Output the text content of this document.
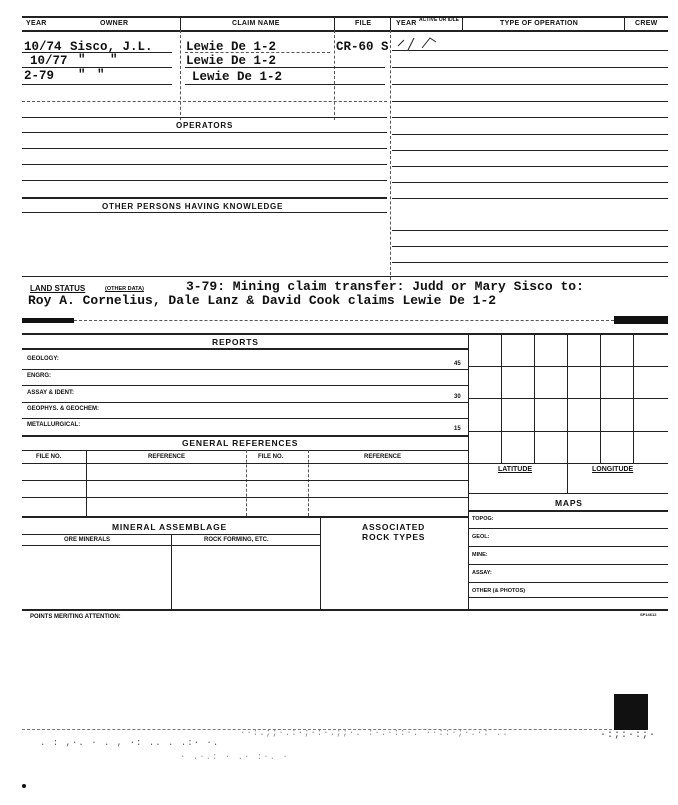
YEAR	OWNER	CLAIM NAME	FILE	YEAR ACTIVE OR IDLE	TYPE OF OPERATION	CREW
10/74 Sisco, J.L.	Lewie De 1-2	CR-60 S
10/77 " "	Lewie De 1-2
2-79 " "	Lewie De 1-2
OPERATORS
OTHER PERSONS HAVING KNOWLEDGE
LAND STATUS	(OTHER DATA)	3-79: Mining claim transfer: Judd or Mary Sisco to:
Roy A. Cornelius, Dale Lanz & David Cook claims Lewie De 1-2
REPORTS
GEOLOGY:
45
ENGRG:
ASSAY & IDENT:
30
GEOPHYS. & GEOCHEM:
METALLURGICAL:
15
GENERAL REFERENCES
FILE NO.	REFERENCE	FILE NO.	REFERENCE
MINERAL ASSEMBLAGE	ASSOCIATED
ROCK TYPES
ORE MINERALS	ROCK FORMING, ETC.
LATITUDE	LONGITUDE
MAPS
TOPOG:
GEOL:
MINE:
ASSAY:
OTHER (& PHOTOS)
POINTS MERITING ATTENTION:	SP14612
. : ,·. · . , ·: .. . .:· ·.
··:.;;·.:·;·:·.;;·. :·.·::·. ··::·;·.·: ..
· .·.: · .· :·. ·
·:;:·:;·
